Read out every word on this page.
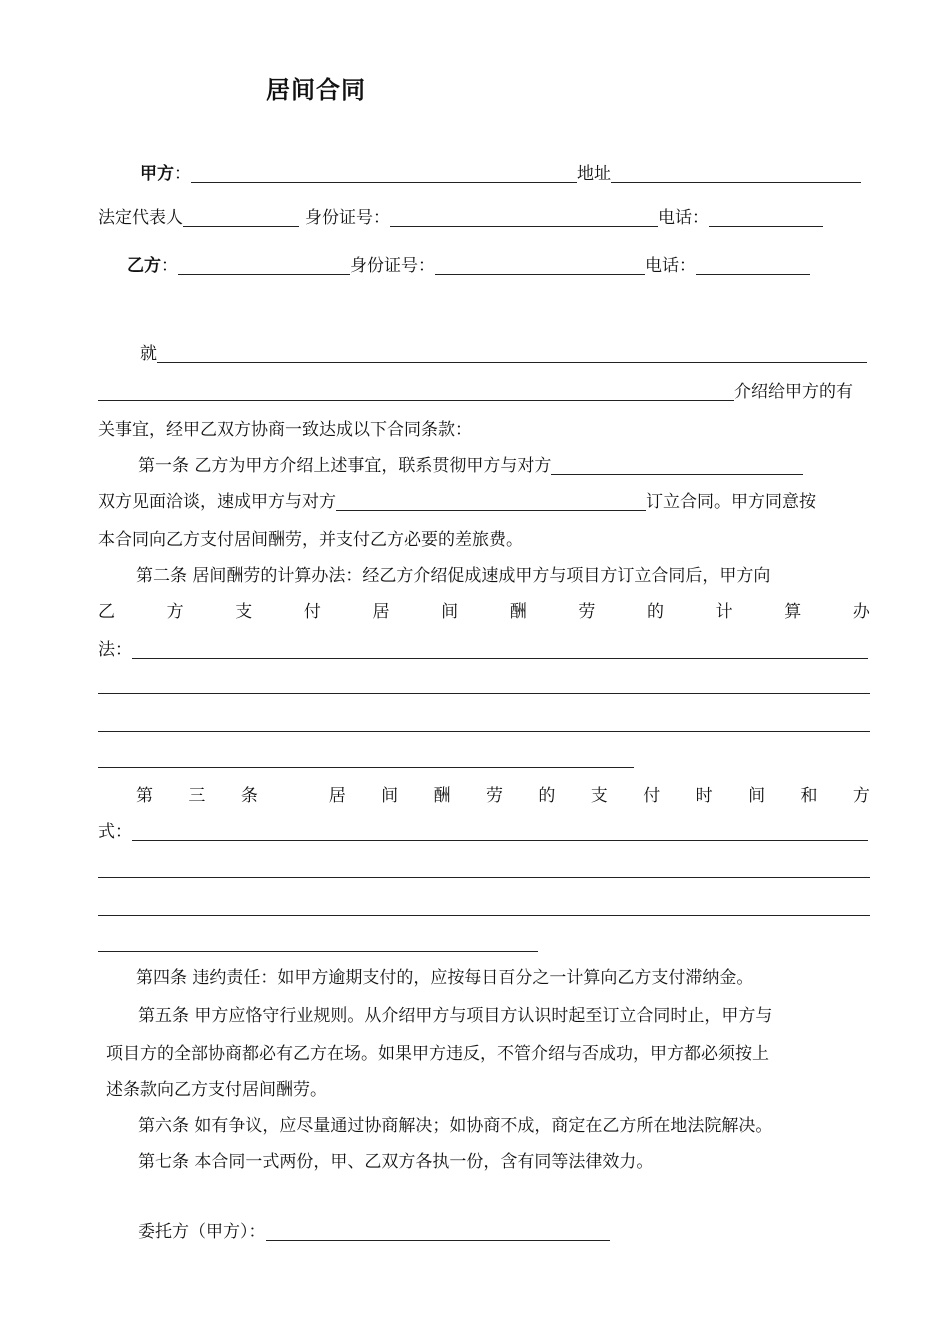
居间合同
甲方 ：	地址
法定代表人	身份证号：	电话：
乙方 ：	身份证号：	电话：
就
介绍给甲方的有
关事宜，经甲乙双方协商一致达成以下合同条款：
第一条 乙方为甲方介绍上述事宜，联系贯彻甲方与对方
双方见面洽谈，速成甲方与对方	订立合同。甲方同意按
本合同向乙方支付居间酬劳，并支付乙方必要的差旅费。
第二条 居间酬劳的计算办法：经乙方介绍促成速成甲方与项目方订立合同后，甲方向
乙	方	支	付	居	间	酬	劳	的	计	算	办
法：
第 三 条	居 间 酬 劳 的 支 付 时 间 和 方
式：
第四条 违约责任：如甲方逾期支付的，应按每日百分之一计算向乙方支付滞纳金。
第五条 甲方应恪守行业规则。从介绍甲方与项目方认识时起至订立合同时止，甲方与
项目方的全部协商都必有乙方在场。如果甲方违反，不管介绍与否成功，甲方都必须按上
述条款向乙方支付居间酬劳。
第六条 如有争议，应尽量通过协商解决；如协商不成，商定在乙方所在地法院解决。
第七条 本合同一式两份，甲、乙双方各执一份，含有同等法律效力。
委托方（甲方）：
